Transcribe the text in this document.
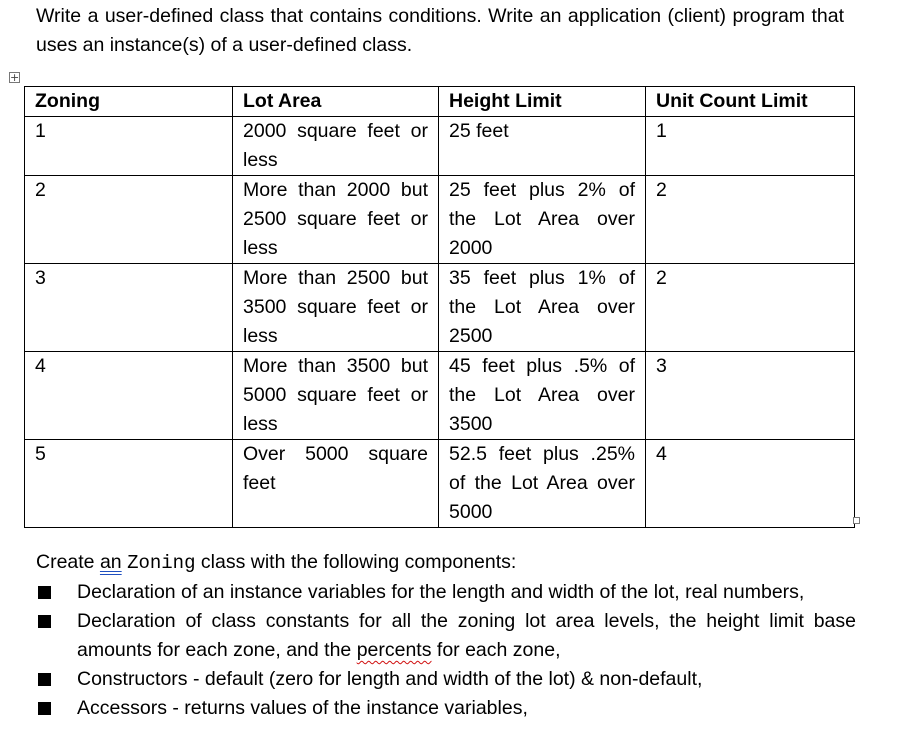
Write a user-defined class that contains conditions. Write an application (client) program that uses an instance(s) of a user-defined class.

+
Zoning	Lot Area	Height Limit	Unit Count Limit
1	2000 square feet or less	25 feet	1
2	More than 2000 but 2500 square feet or less	25 feet plus 2% of the Lot Area over 2000	2
3	More than 2500 but 3500 square feet or less	35 feet plus 1% of the Lot Area over 2500	2
4	More than 3500 but 5000 square feet or less	45 feet plus .5% of the Lot Area over 3500	3
5	Over 5000 square feet	52.5 feet plus .25% of the Lot Area over 5000	4
Create an Zoning class with the following components:
Declaration of an instance variables for the length and width of the lot, real numbers,
Declaration of class constants for all the zoning lot area levels, the height limit base amounts for each zone, and the percents for each zone,
Constructors - default (zero for length and width of the lot) & non-default,
Accessors - returns values of the instance variables,
